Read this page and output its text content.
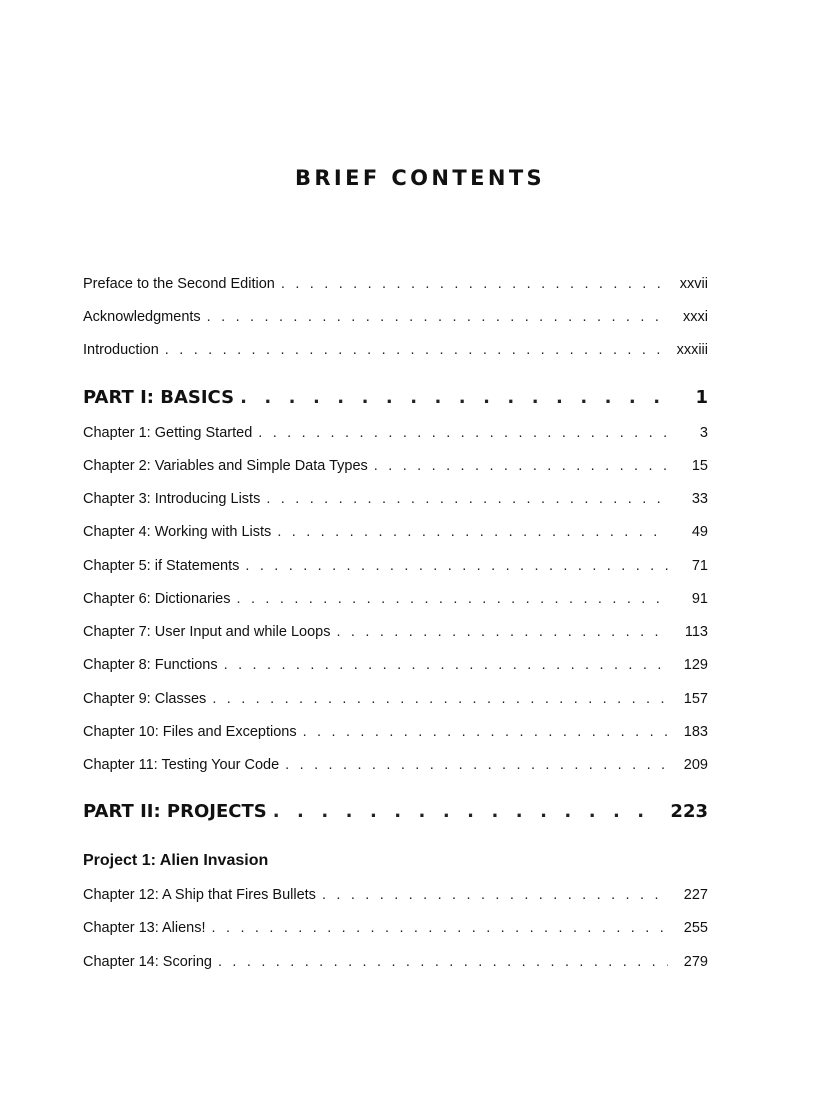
BRIEF CONTENTS
Preface to the Second Edition . . .	xxvii
Acknowledgments . . .	xxxi
Introduction . . .	xxxiii
PART I: BASICS . . .	1
Chapter 1: Getting Started . . .	3
Chapter 2: Variables and Simple Data Types . . .	15
Chapter 3: Introducing Lists . . .	33
Chapter 4: Working with Lists . . .	49
Chapter 5: if Statements . . .	71
Chapter 6: Dictionaries . . .	91
Chapter 7: User Input and while Loops . . .	113
Chapter 8: Functions . . .	129
Chapter 9: Classes . . .	157
Chapter 10: Files and Exceptions . . .	183
Chapter 11: Testing Your Code . . .	209
PART II: PROJECTS . . .	223
Project 1: Alien Invasion
Chapter 12: A Ship that Fires Bullets . . .	227
Chapter 13: Aliens! . . .	255
Chapter 14: Scoring . . .	279
